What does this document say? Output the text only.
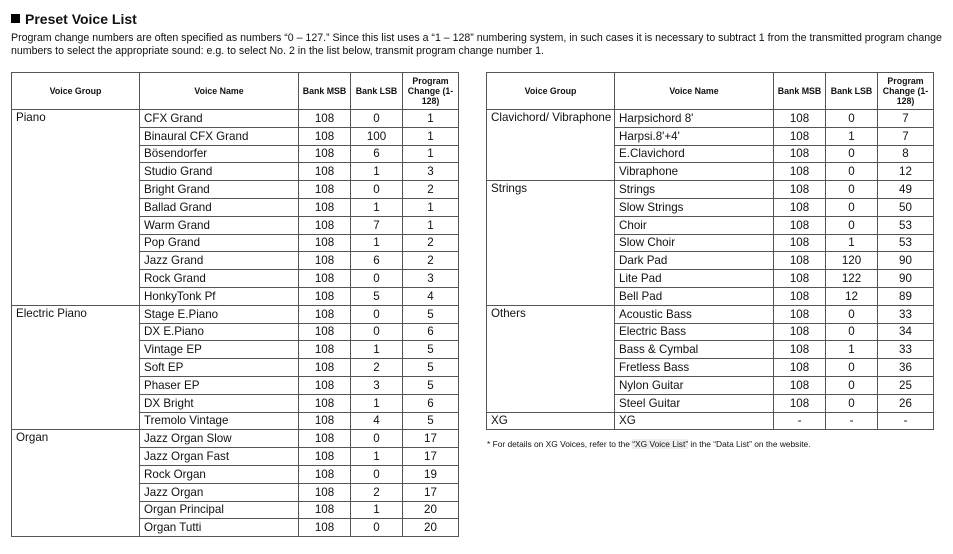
Preset Voice List
Program change numbers are often specified as numbers “0 – 127.” Since this list uses a “1 – 128” numbering system, in such cases it is necessary to subtract 1 from the transmitted program change numbers to select the appropriate sound: e.g. to select No. 2 in the list below, transmit program change number 1.
Voice Group	Voice Name	Bank MSB	Bank LSB	Program Change (1-128)
Piano	CFX Grand	108	0	1
	Binaural CFX Grand	108	100	1
	Bösendorfer	108	6	1
	Studio Grand	108	1	3
	Bright Grand	108	0	2
	Ballad Grand	108	1	1
	Warm Grand	108	7	1
	Pop Grand	108	1	2
	Jazz Grand	108	6	2
	Rock Grand	108	0	3
	HonkyTonk Pf	108	5	4
Electric Piano	Stage E.Piano	108	0	5
	DX E.Piano	108	0	6
	Vintage EP	108	1	5
	Soft EP	108	2	5
	Phaser EP	108	3	5
	DX Bright	108	1	6
	Tremolo Vintage	108	4	5
Organ	Jazz Organ Slow	108	0	17
	Jazz Organ Fast	108	1	17
	Rock Organ	108	0	19
	Jazz Organ	108	2	17
	Organ Principal	108	1	20
	Organ Tutti	108	0	20
Voice Group	Voice Name	Bank MSB	Bank LSB	Program Change (1-128)
Clavichord/ Vibraphone	Harpsichord 8'	108	0	7
	Harpsi.8'+4'	108	1	7
	E.Clavichord	108	0	8
	Vibraphone	108	0	12
Strings	Strings	108	0	49
	Slow Strings	108	0	50
	Choir	108	0	53
	Slow Choir	108	1	53
	Dark Pad	108	120	90
	Lite Pad	108	122	90
	Bell Pad	108	12	89
Others	Acoustic Bass	108	0	33
	Electric Bass	108	0	34
	Bass & Cymbal	108	1	33
	Fretless Bass	108	0	36
	Nylon Guitar	108	0	25
	Steel Guitar	108	0	26
XG	XG	-	-	-
* For details on XG Voices, refer to the “XG Voice List” in the “Data List” on the website.
